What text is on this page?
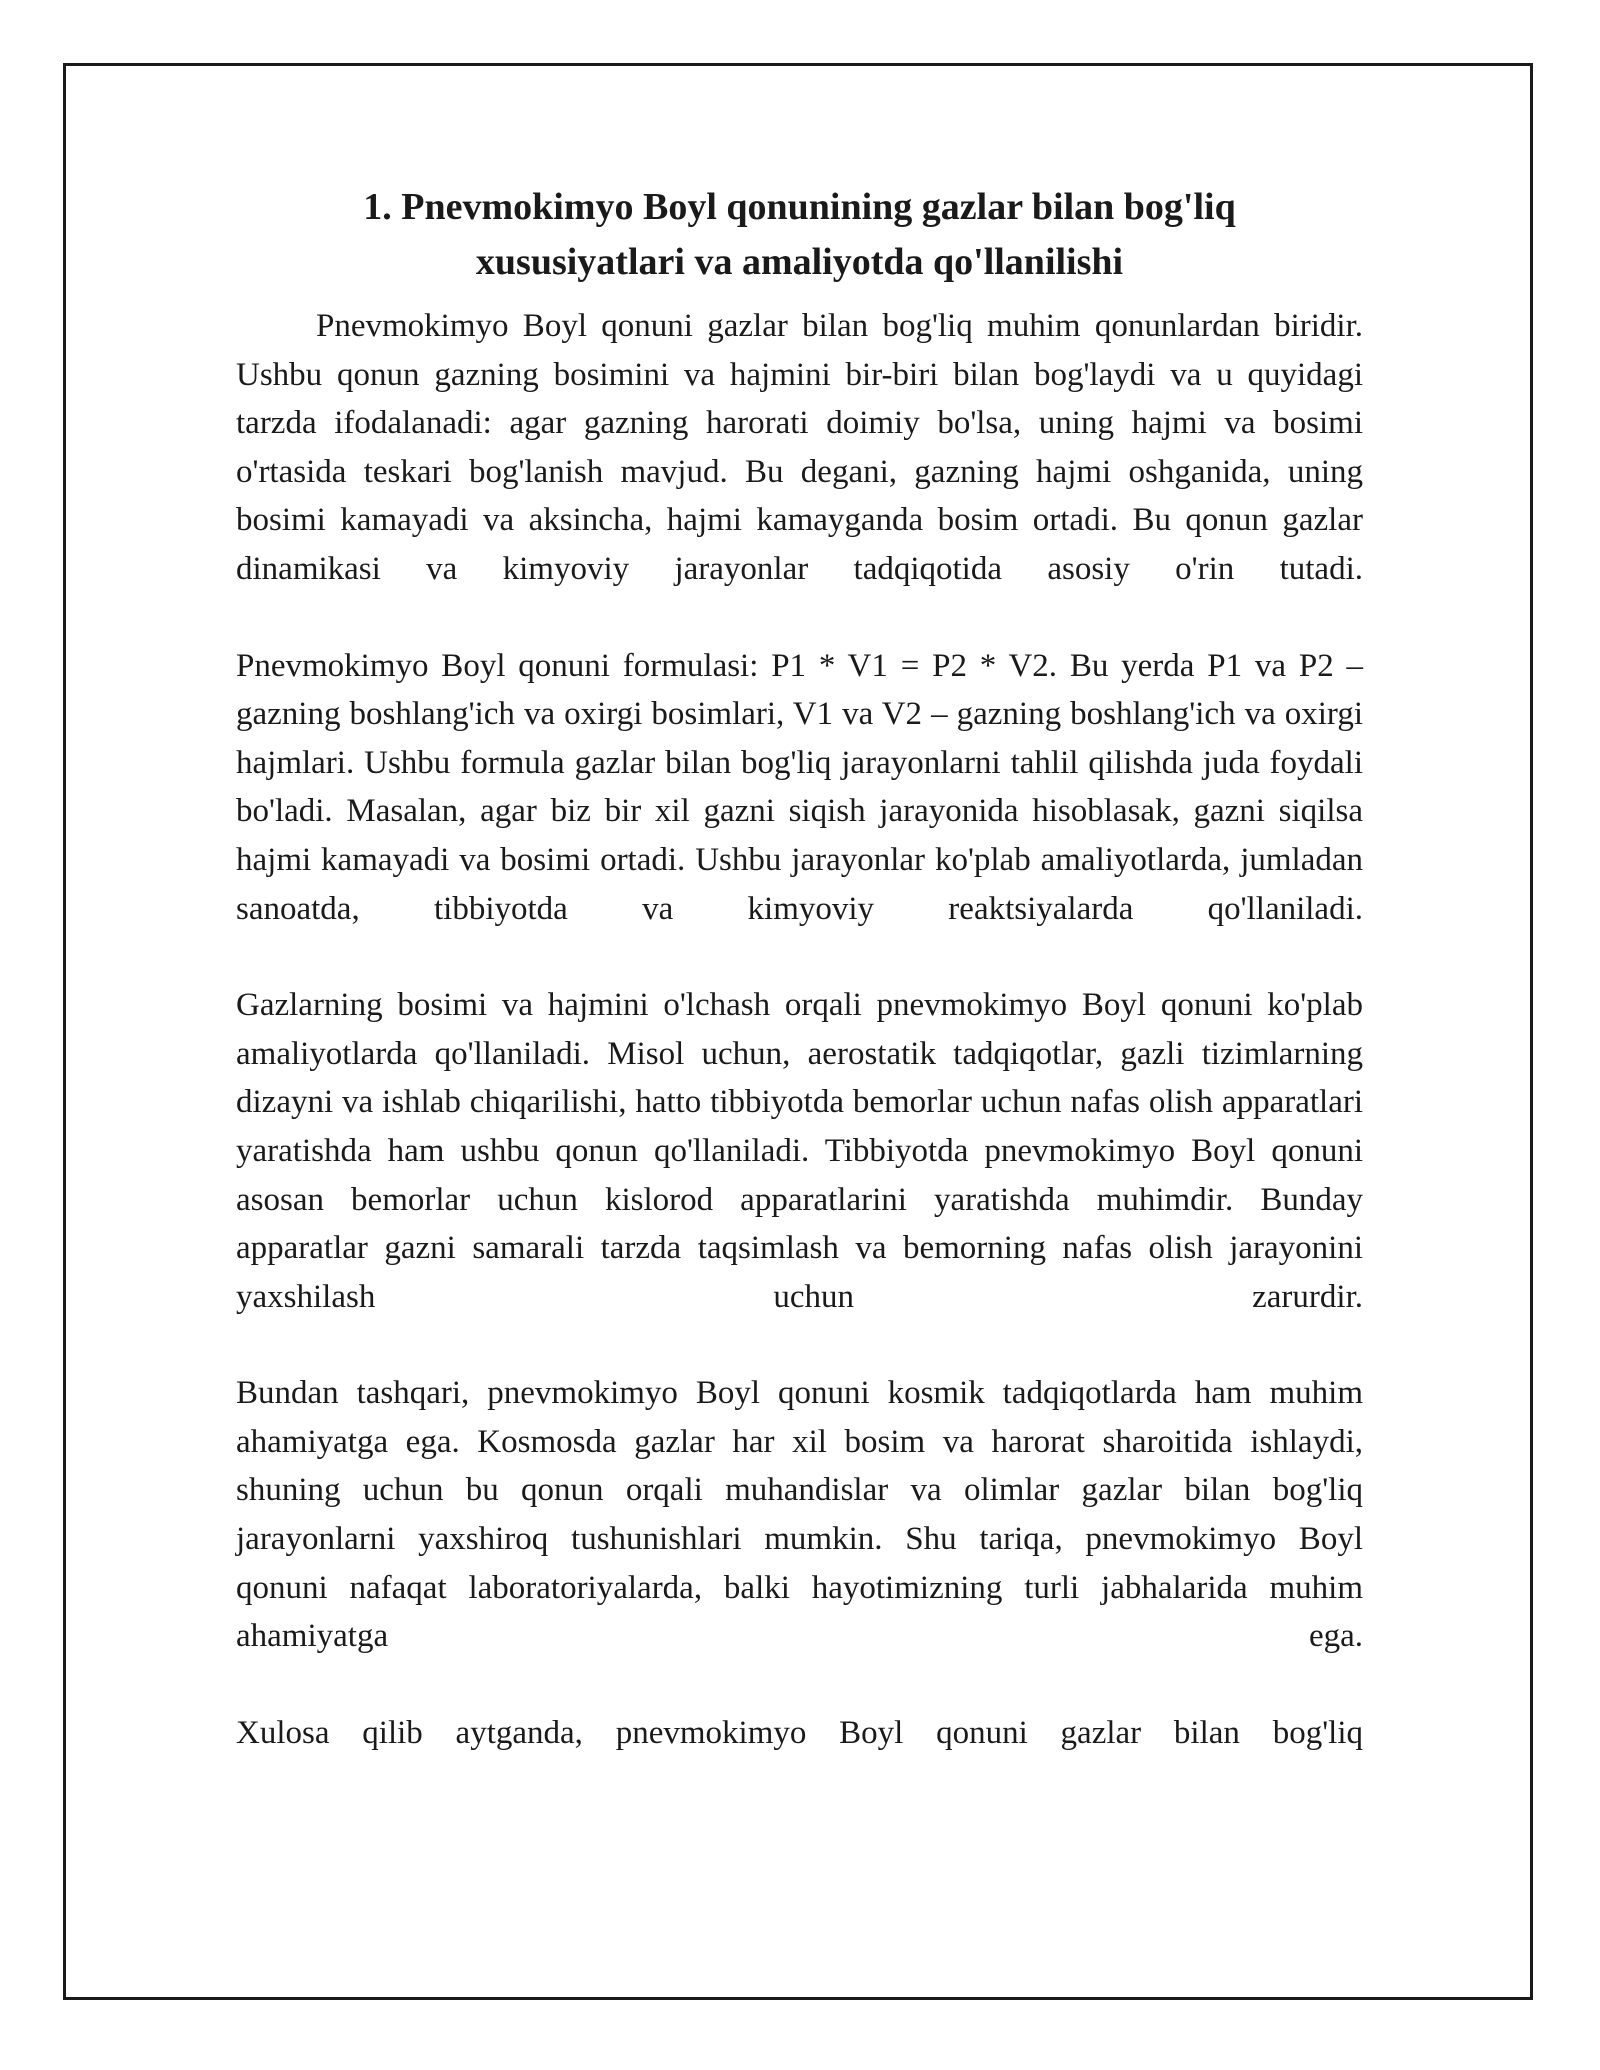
1. Pnevmokimyo Boyl qonunining gazlar bilan bog'liq xususiyatlari va amaliyotda qo'llanilishi

Pnevmokimyo Boyl qonuni gazlar bilan bog'liq muhim qonunlardan biridir. Ushbu qonun gazning bosimini va hajmini bir-biri bilan bog'laydi va u quyidagi tarzda ifodalanadi: agar gazning harorati doimiy bo'lsa, uning hajmi va bosimi o'rtasida teskari bog'lanish mavjud. Bu degani, gazning hajmi oshganida, uning bosimi kamayadi va aksincha, hajmi kamayganda bosim ortadi. Bu qonun gazlar dinamikasi va kimyoviy jarayonlar tadqiqotida asosiy o'rin tutadi.

Pnevmokimyo Boyl qonuni formulasi: P1 * V1 = P2 * V2. Bu yerda P1 va P2 – gazning boshlang'ich va oxirgi bosimlari, V1 va V2 – gazning boshlang'ich va oxirgi hajmlari. Ushbu formula gazlar bilan bog'liq jarayonlarni tahlil qilishda juda foydali bo'ladi. Masalan, agar biz bir xil gazni siqish jarayonida hisoblasak, gazni siqilsa hajmi kamayadi va bosimi ortadi. Ushbu jarayonlar ko'plab amaliyotlarda, jumladan sanoatda, tibbiyotda va kimyoviy reaktsiyalarda qo'llaniladi.

Gazlarning bosimi va hajmini o'lchash orqali pnevmokimyo Boyl qonuni ko'plab amaliyotlarda qo'llaniladi. Misol uchun, aerostatik tadqiqotlar, gazli tizimlarning dizayni va ishlab chiqarilishi, hatto tibbiyotda bemorlar uchun nafas olish apparatlari yaratishda ham ushbu qonun qo'llaniladi. Tibbiyotda pnevmokimyo Boyl qonuni asosan bemorlar uchun kislorod apparatlarini yaratishda muhimdir. Bunday apparatlar gazni samarali tarzda taqsimlash va bemorning nafas olish jarayonini yaxshilash uchun zarurdir.

Bundan tashqari, pnevmokimyo Boyl qonuni kosmik tadqiqotlarda ham muhim ahamiyatga ega. Kosmosda gazlar har xil bosim va harorat sharoitida ishlaydi, shuning uchun bu qonun orqali muhandislar va olimlar gazlar bilan bog'liq jarayonlarni yaxshiroq tushunishlari mumkin. Shu tariqa, pnevmokimyo Boyl qonuni nafaqat laboratoriyalarda, balki hayotimizning turli jabhalarida muhim ahamiyatga ega.

Xulosa qilib aytganda, pnevmokimyo Boyl qonuni gazlar bilan bog'liq
